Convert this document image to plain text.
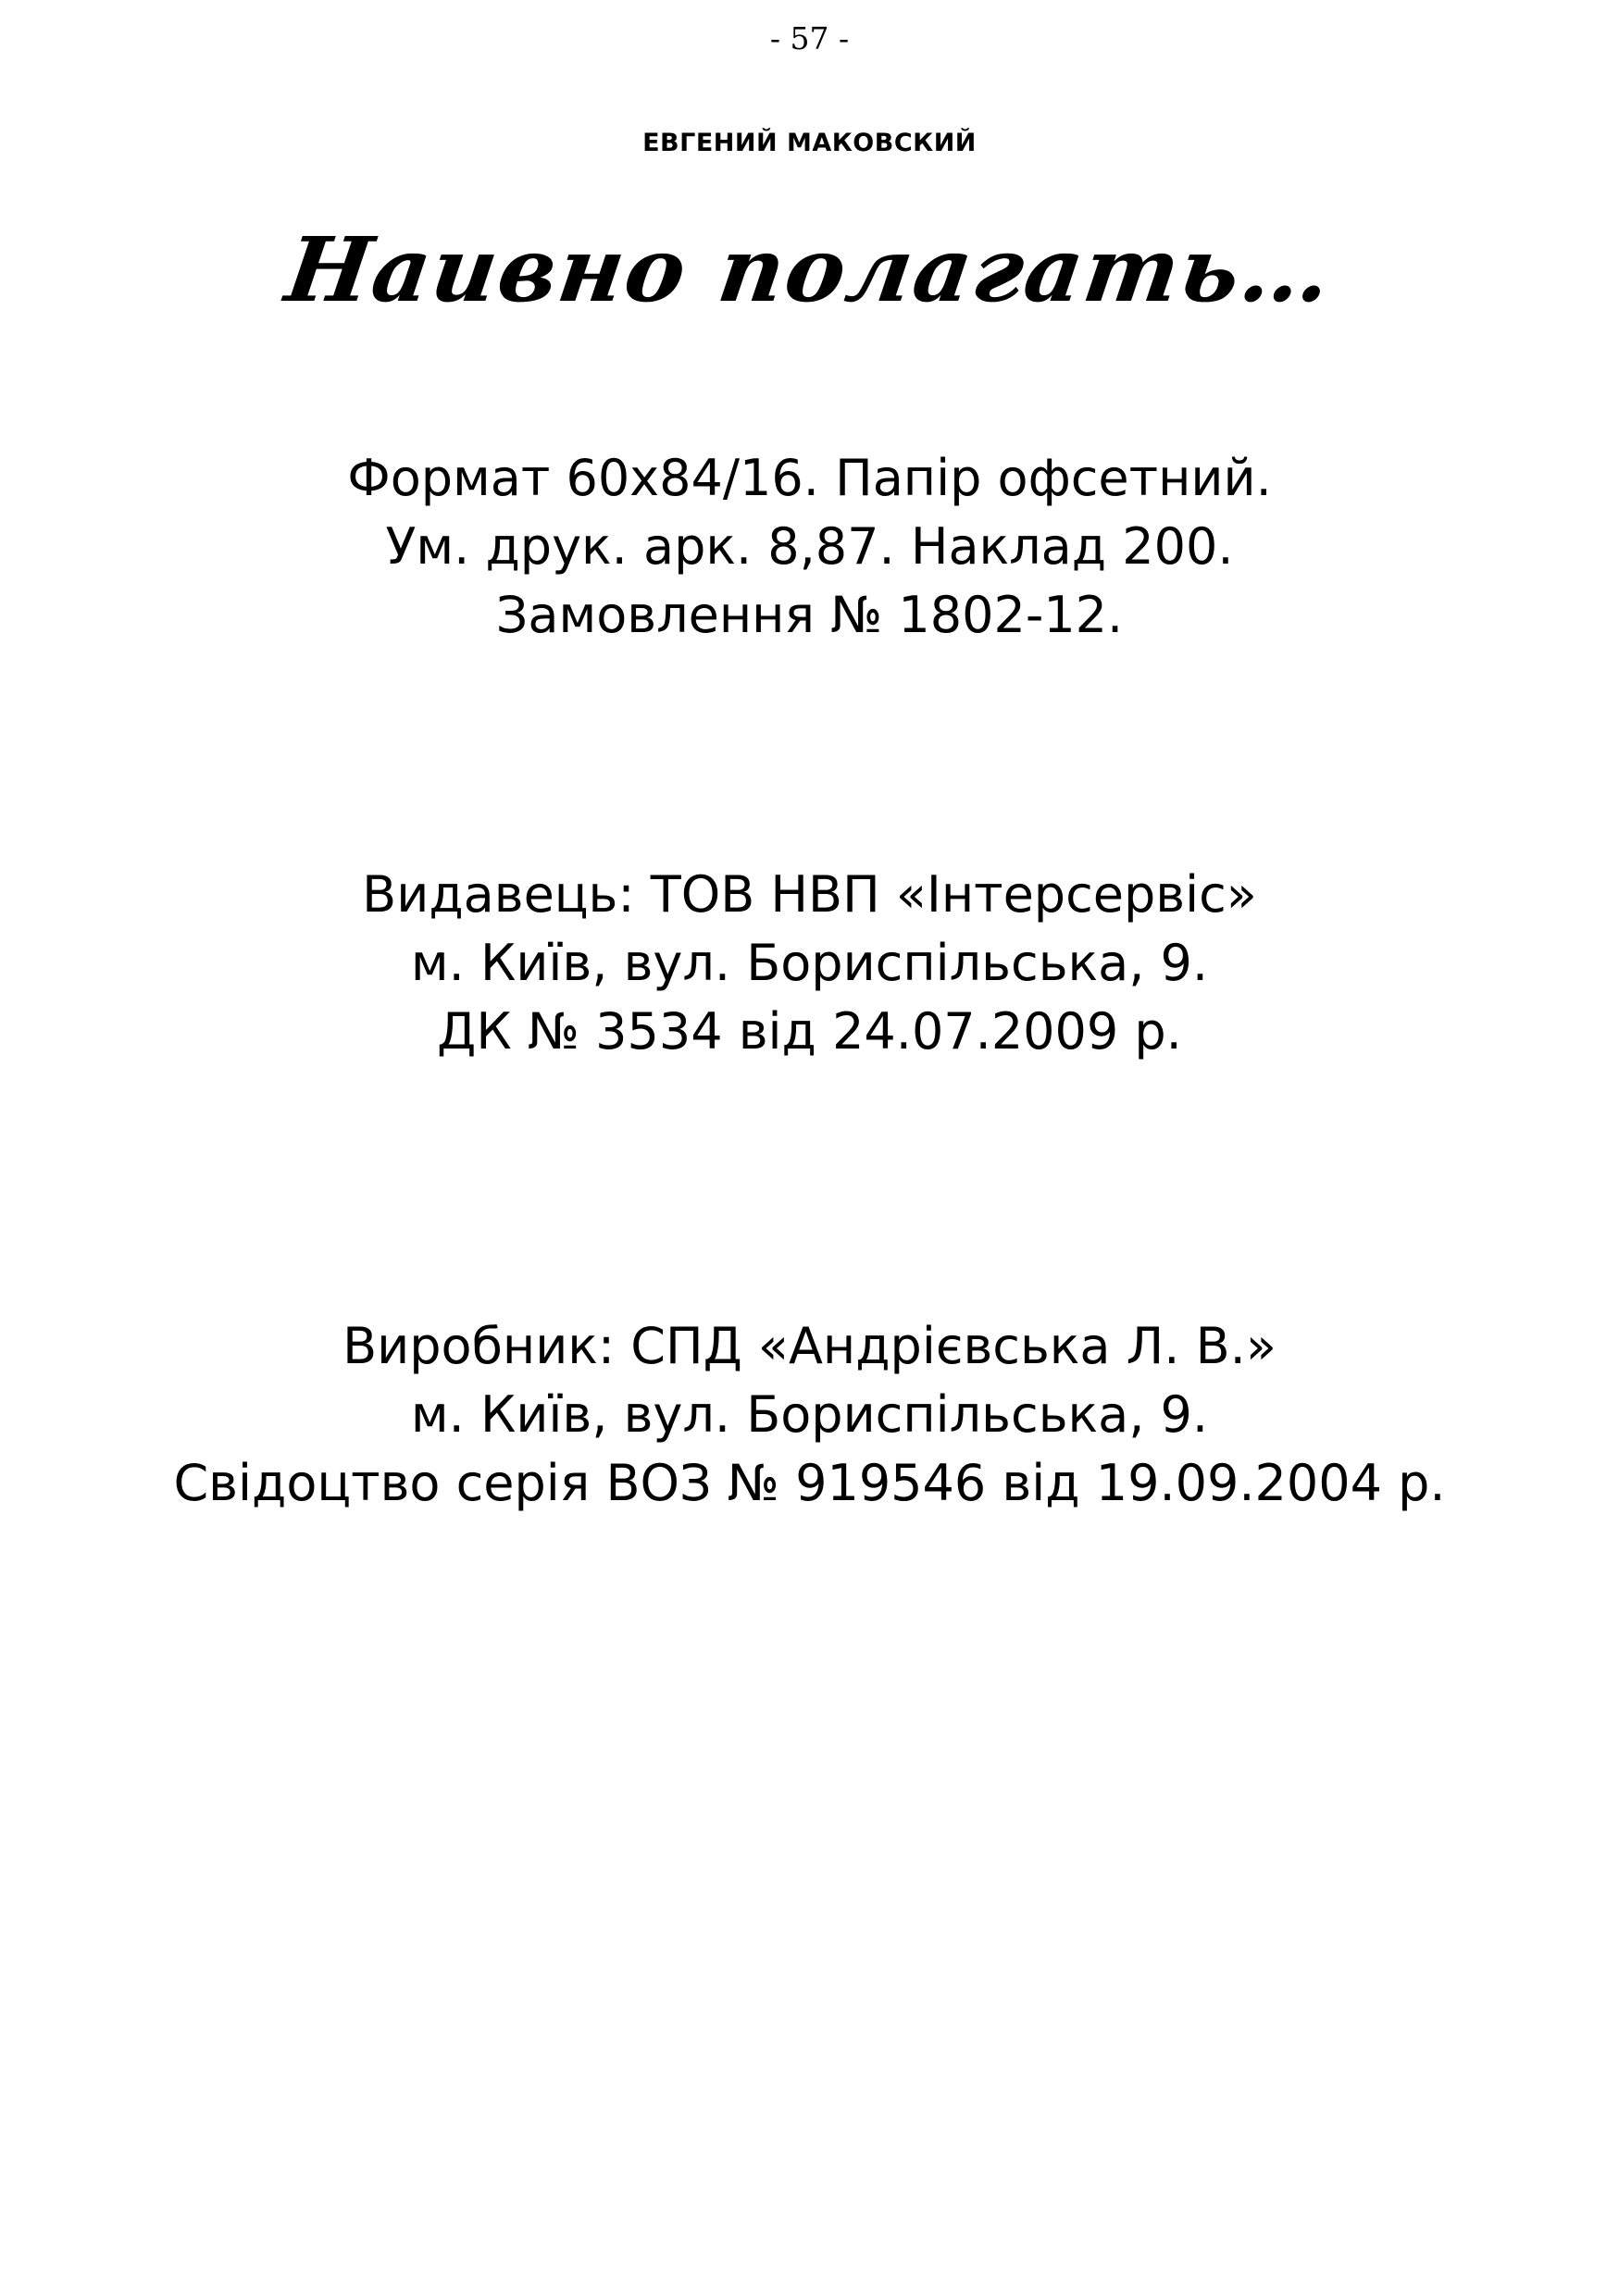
- 57 -
ЕВГЕНИЙ МАКОВСКИЙ
Наивно полагать…

Формат 60х84/16. Папір офсетний.

Ум. друк. арк. 8,87. Наклад 200.

Замовлення № 1802-12.

Видавець: ТОВ НВП «Інтерсервіс»

м. Київ, вул. Бориспільська, 9.

ДК № 3534 від 24.07.2009 р.

Виробник: СПД «Андрієвська Л. В.»

м. Київ, вул. Бориспільська, 9.

Свідоцтво серія ВОЗ № 919546 від 19.09.2004 р.
